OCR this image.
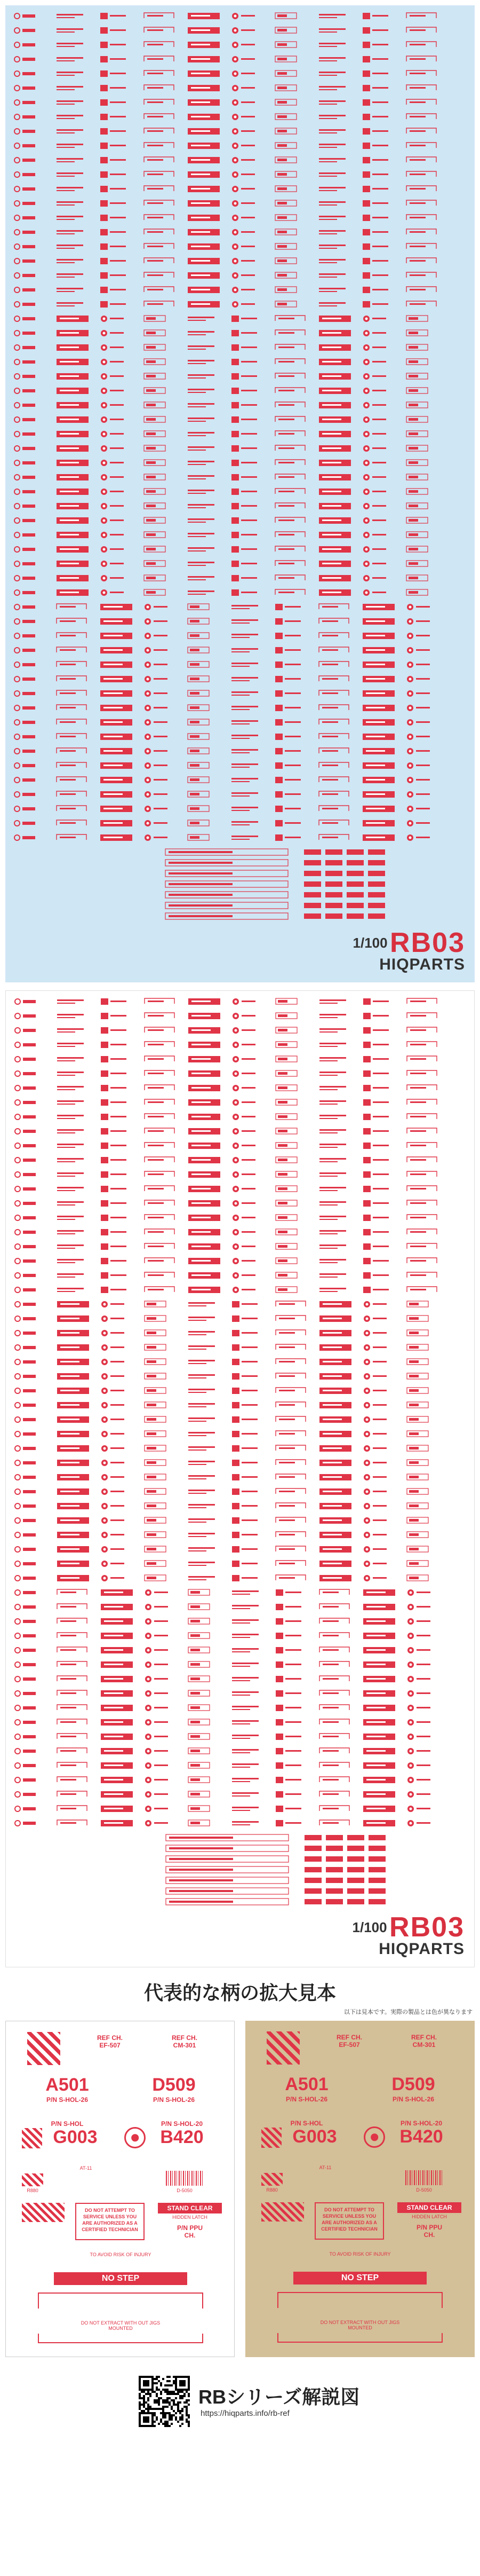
1/100 RB03
HIQPARTS
1/100 RB03
HIQPARTS
代表的な柄の拡大見本
以下は見本です。実際の製品とは色が異なります
REF CH.
EF-507
REF CH.
CM-301
A501
P/N S-HOL-26
D509
P/N S-HOL-26
P/N S-HOL
G003
P/N S-HOL-20
B420
AT-11
R880	D-5050
DO NOT ATTEMPT TO SERVICE UNLESS YOU ARE AUTHORIZED AS A CERTIFIED TECHNICIAN
STAND CLEAR
HIDDEN LATCH
P/N PPU
CH.
TO AVOID RISK OF INJURY
NO STEP
DO NOT EXTRACT WITH OUT JIGS MOUNTED
REF CH.
EF-507
REF CH.
CM-301
A501
P/N S-HOL-26
D509
P/N S-HOL-26
P/N S-HOL
G003
P/N S-HOL-20
B420
AT-11
R880	D-5050
DO NOT ATTEMPT TO SERVICE UNLESS YOU ARE AUTHORIZED AS A CERTIFIED TECHNICIAN
STAND CLEAR
HIDDEN LATCH
P/N PPU
CH.
TO AVOID RISK OF INJURY
NO STEP
DO NOT EXTRACT WITH OUT JIGS MOUNTED
RBシリーズ解説図
https://hiqparts.info/rb-ref
